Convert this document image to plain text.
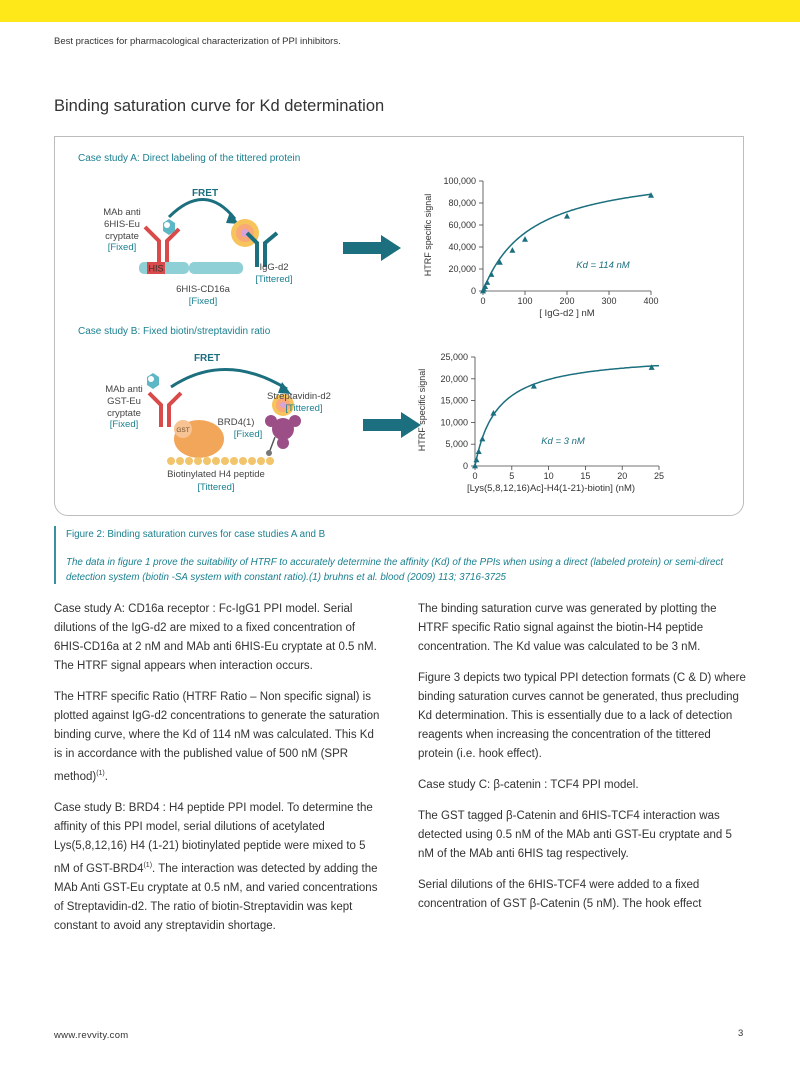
Best practices for pharmacological characterization of PPI inhibitors.
Binding saturation curve for Kd determination
Case study A: Direct labeling of the tittered protein
Case study B: Fixed biotin/streptavidin ratio
FRET
MAb anti
6HIS-Eu
cryptate
[Fixed]
HIS
6HIS-CD16a
[Fixed]
IgG-d2
[Tittered]
FRET
MAb anti
GST-Eu
cryptate
[Fixed]
GST
BRD4(1)
[Fixed]
Streptavidin-d2
[Tittered]
Biotinylated H4 peptide
[Tittered]
HTRF specific signal
[ IgG-d2 ] nM
Kd = 114 nM
0
20,000
40,000
60,000
80,000
100,000
0	100	200	300	400
HTRF specific signal
[Lys(5,8,12,16)Ac]-H4(1-21)-biotin] (nM)
Kd = 3 nM
0
5,000
10,000
15,000
20,000
25,000
0	5	10	15	20	25
Figure 2: Binding saturation curves for case studies A and B
The data in figure 1 prove the suitability of HTRF to accurately determine the affinity (Kd) of the PPIs when using a direct (labeled protein) or semi-direct detection system (biotin -SA system with constant ratio).(1) bruhns et al. blood (2009) 113; 3716-3725

Case study A: CD16a receptor : Fc-IgG1 PPI model. Serial dilutions of the IgG-d2 are mixed to a fixed concentration of 6HIS-CD16a at 2 nM and MAb anti 6HIS-Eu cryptate at 0.5 nM. The HTRF signal appears when interaction occurs.

The HTRF specific Ratio (HTRF Ratio – Non specific signal) is plotted against IgG-d2 concentrations to generate the saturation binding curve, where the Kd of 114 nM was calculated. This Kd is in accordance with the published value of 500 nM (SPR method)$^{(1)}$.

Case study B: BRD4 : H4 peptide PPI model. To determine the affinity of this PPI model, serial dilutions of acetylated Lys(5,8,12,16) H4 (1-21) biotinylated peptide were mixed to 5 nM of GST-BRD4$^{(1)}$. The interaction was detected by adding the MAb Anti GST-Eu cryptate at 0.5 nM, and varied concentrations of Streptavidin-d2. The ratio of biotin-Streptavidin was kept constant to avoid any streptavidin shortage.

The binding saturation curve was generated by plotting the HTRF specific Ratio signal against the biotin-H4 peptide concentration. The Kd value was calculated to be 3 nM.

Figure 3 depicts two typical PPI detection formats (C & D) where binding saturation curves cannot be generated, thus precluding Kd determination. This is essentially due to a lack of detection reagents when increasing the concentration of the tittered protein (i.e. hook effect).

Case study C: β-catenin : TCF4 PPI model.

The GST tagged β-Catenin and 6HIS-TCF4 interaction was detected using 0.5 nM of the MAb anti GST-Eu cryptate and 5 nM of the MAb anti 6HIS tag respectively.

Serial dilutions of the 6HIS-TCF4 were added to a fixed concentration of GST β-Catenin (5 nM). The hook effect

www.revvity.com	3
